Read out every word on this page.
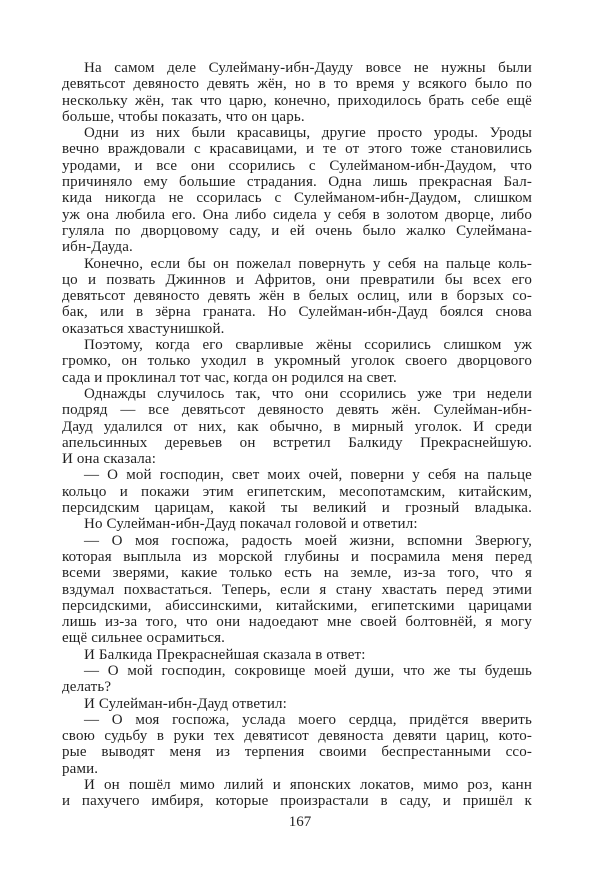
На самом деле Сулейману-ибн-Дауду вовсе не нужны были
девятьсот девяносто девять жён, но в то время у всякого было по
нескольку жён, так что царю, конечно, приходилось брать себе ещё
больше, чтобы показать, что он царь.
Одни из них были красавицы, другие просто уроды. Уроды
вечно враждовали с красавицами, и те от этого тоже становились
уродами, и все они ссорились с Сулейманом-ибн-Даудом, что
причиняло ему большие страдания. Одна лишь прекрасная Бал-
кида никогда не ссорилась с Сулейманом-ибн-Даудом, слишком
уж она любила его. Она либо сидела у себя в золотом дворце, либо
гуляла по дворцовому саду, и ей очень было жалко Сулеймана-
ибн-Дауда.
Конечно, если бы он пожелал повернуть у себя на пальце коль-
цо и позвать Джиннов и Афритов, они превратили бы всех его
девятьсот девяносто девять жён в белых ослиц, или в борзых со-
бак, или в зёрна граната. Но Сулейман-ибн-Дауд боялся снова
оказаться хвастунишкой.
Поэтому, когда его сварливые жёны ссорились слишком уж
громко, он только уходил в укромный уголок своего дворцового
сада и проклинал тот час, когда он родился на свет.
Однажды случилось так, что они ссорились уже три недели
подряд — все девятьсот девяносто девять жён. Сулейман-ибн-
Дауд удалился от них, как обычно, в мирный уголок. И среди
апельсинных деревьев он встретил Балкиду Прекраснейшую.
И она сказала:
— О мой господин, свет моих очей, поверни у себя на пальце
кольцо и покажи этим египетским, месопотамским, китайским,
персидским царицам, какой ты великий и грозный владыка.
Но Сулейман-ибн-Дауд покачал головой и ответил:
— О моя госпожа, радость моей жизни, вспомни Зверюгу,
которая выплыла из морской глубины и посрамила меня перед
всеми зверями, какие только есть на земле, из-за того, что я
вздумал похвастаться. Теперь, если я стану хвастать перед этими
персидскими, абиссинскими, китайскими, египетскими царицами
лишь из-за того, что они надоедают мне своей болтовнёй, я могу
ещё сильнее осрамиться.
И Балкида Прекраснейшая сказала в ответ:
— О мой господин, сокровище моей души, что же ты будешь
делать?
И Сулейман-ибн-Дауд ответил:
— О моя госпожа, услада моего сердца, придётся вверить
свою судьбу в руки тех девятисот девяноста девяти цариц, кото-
рые выводят меня из терпения своими беспрестанными ссо-
рами.
И он пошёл мимо лилий и японских локатов, мимо роз, канн
и пахучего имбиря, которые произрастали в саду, и пришёл к
167
